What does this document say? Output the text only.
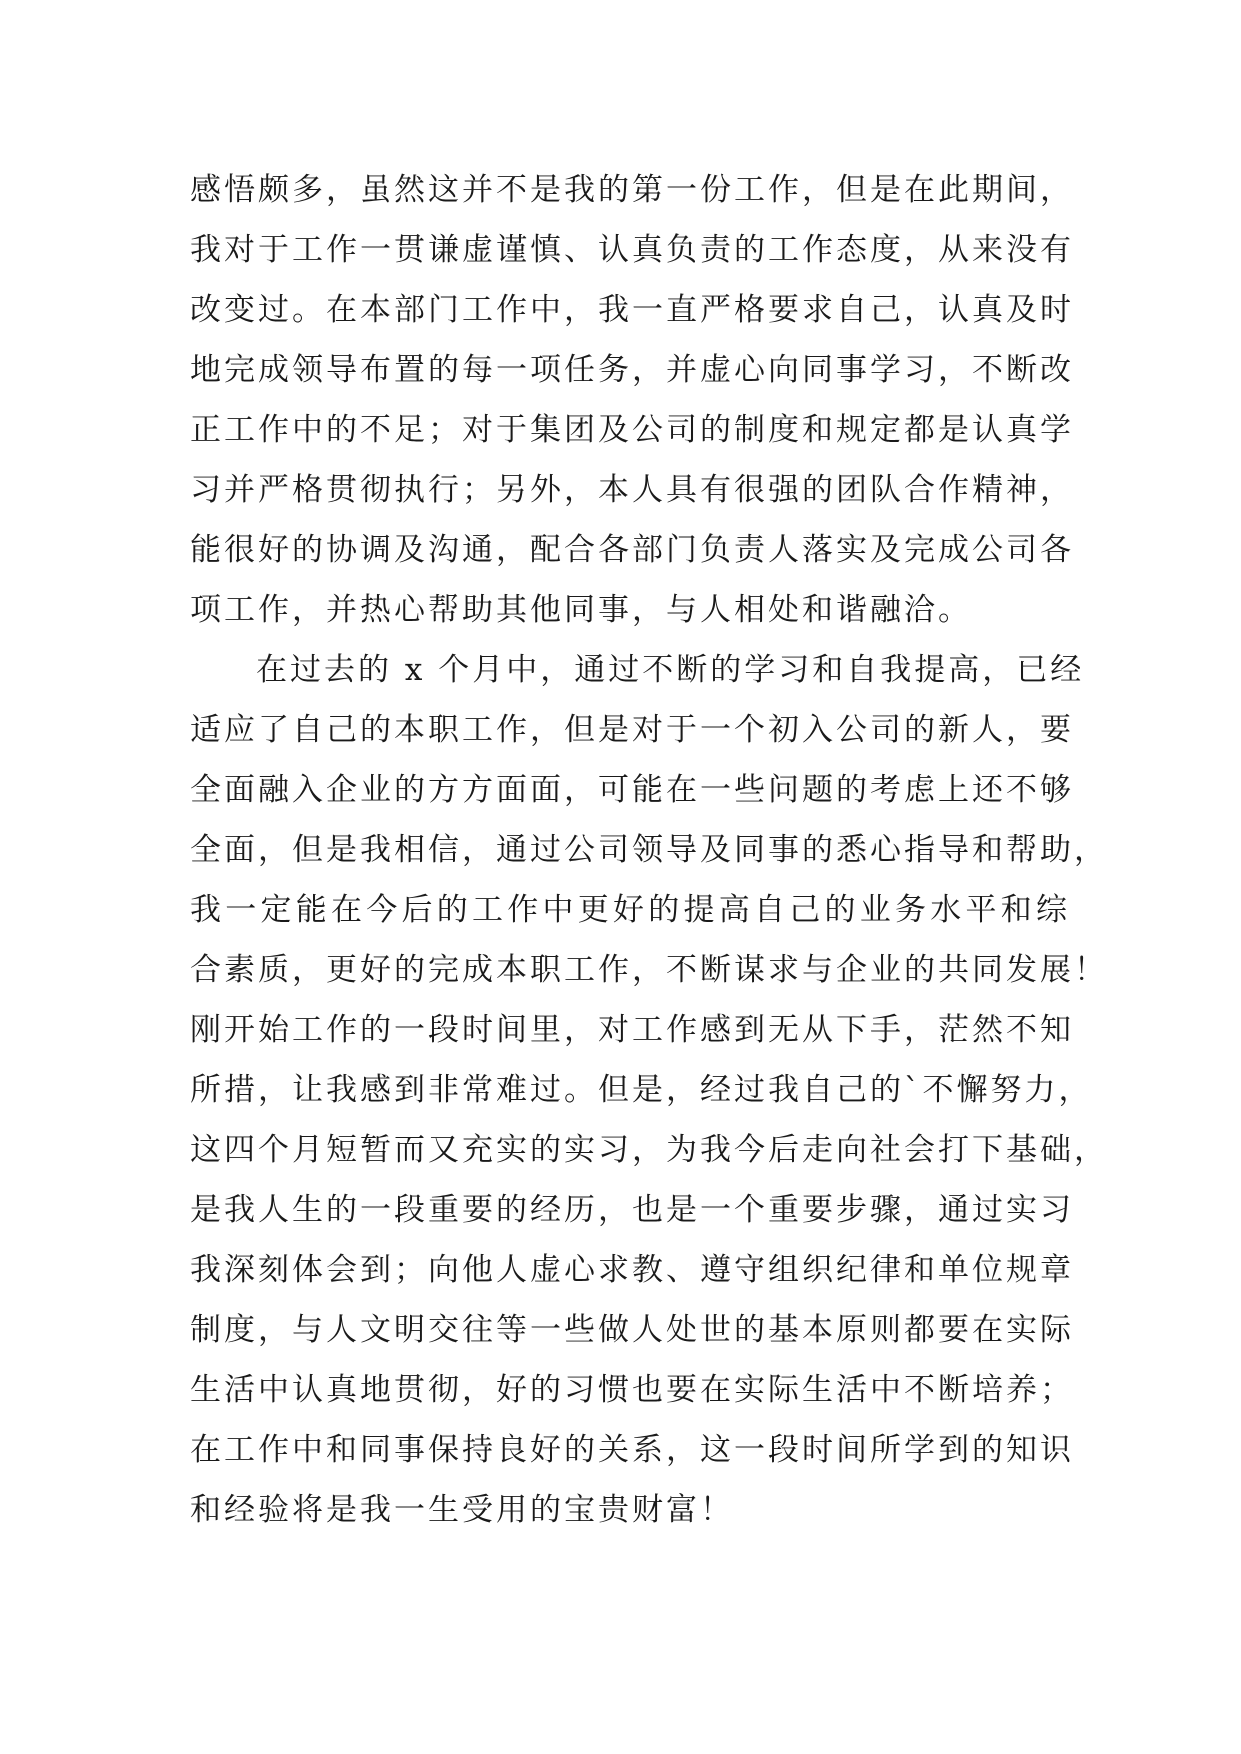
感悟颇多，虽然这并不是我的第一份工作，但是在此期间，
我对于工作一贯谦虚谨慎、认真负责的工作态度，从来没有
改变过。在本部门工作中，我一直严格要求自己，认真及时
地完成领导布置的每一项任务，并虚心向同事学习，不断改
正工作中的不足；对于集团及公司的制度和规定都是认真学
习并严格贯彻执行；另外，本人具有很强的团队合作精神，
能很好的协调及沟通，配合各部门负责人落实及完成公司各
项工作，并热心帮助其他同事，与人相处和谐融洽。
在过去的 x 个月中，通过不断的学习和自我提高，已经
适应了自己的本职工作，但是对于一个初入公司的新人，要
全面融入企业的方方面面，可能在一些问题的考虑上还不够
全面，但是我相信，通过公司领导及同事的悉心指导和帮助，
我一定能在今后的工作中更好的提高自己的业务水平和综
合素质，更好的完成本职工作，不断谋求与企业的共同发展！
刚开始工作的一段时间里，对工作感到无从下手，茫然不知
所措，让我感到非常难过。但是，经过我自己的`不懈努力，
这四个月短暂而又充实的实习，为我今后走向社会打下基础，
是我人生的一段重要的经历，也是一个重要步骤，通过实习
我深刻体会到；向他人虚心求教、遵守组织纪律和单位规章
制度，与人文明交往等一些做人处世的基本原则都要在实际
生活中认真地贯彻，好的习惯也要在实际生活中不断培养；
在工作中和同事保持良好的关系，这一段时间所学到的知识
和经验将是我一生受用的宝贵财富！
